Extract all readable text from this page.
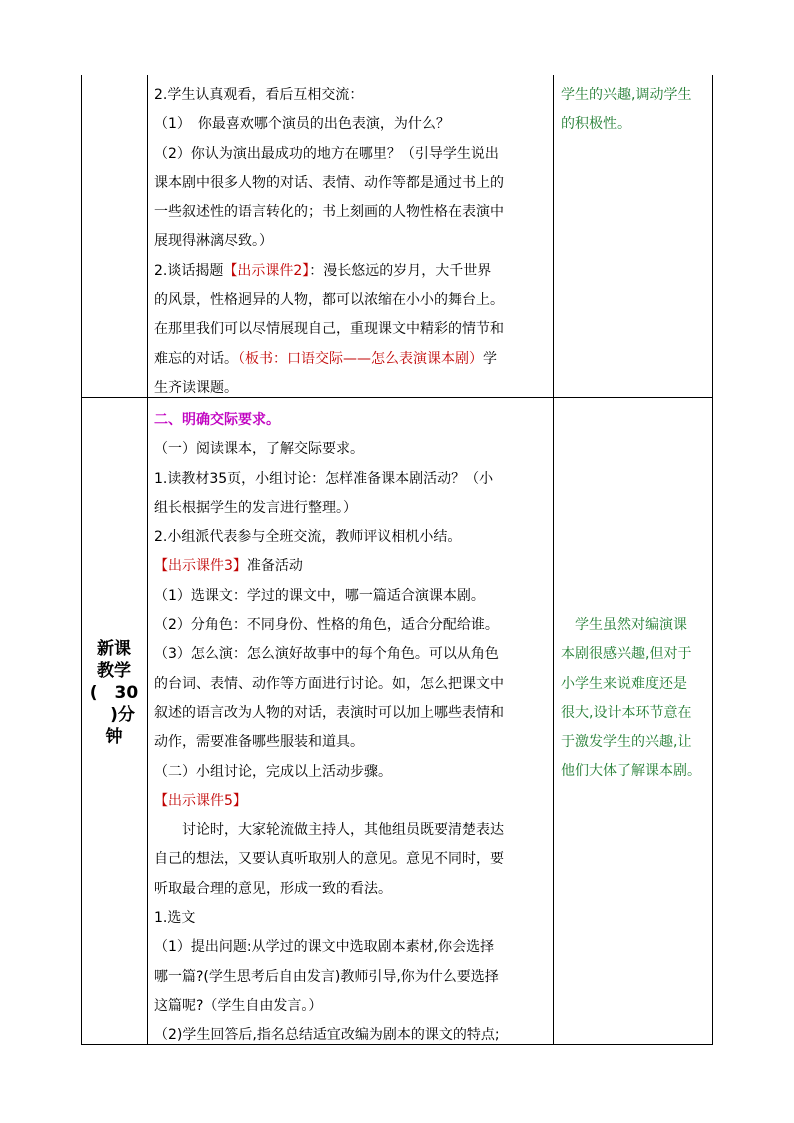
2.学生认真观看，看后互相交流：
（1）　你最喜欢哪个演员的出色表演，为什么？
（2）你认为演出最成功的地方在哪里？（引导学生说出
课本剧中很多人物的对话、表情、动作等都是通过书上的
一些叙述性的语言转化的；书上刻画的人物性格在表演中
展现得淋漓尽致。）
2.谈话揭题【出示课件2】：漫长悠远的岁月，大千世界
的风景，性格迥异的人物，都可以浓缩在小小的舞台上。
在那里我们可以尽情展现自己，重现课文中精彩的情节和
难忘的对话。（板书：口语交际——怎么表演课本剧）学
生齐读课题。
学生的兴趣,调动学生
的积极性。
新课
教学
(　30
　)分
钟
二、明确交际要求。
（一）阅读课本，了解交际要求。
1.读教材35页，小组讨论：怎样准备课本剧活动？（小
组长根据学生的发言进行整理。）
2.小组派代表参与全班交流，教师评议相机小结。
【出示课件3】准备活动
（1）选课文：学过的课文中，哪一篇适合演课本剧。
（2）分角色：不同身份、性格的角色，适合分配给谁。
（3）怎么演：怎么演好故事中的每个角色。可以从角色
的台词、表情、动作等方面进行讨论。如，怎么把课文中
叙述的语言改为人物的对话，表演时可以加上哪些表情和
动作，需要准备哪些服装和道具。
（二）小组讨论，完成以上活动步骤。
【出示课件5】
　　讨论时，大家轮流做主持人，其他组员既要清楚表达
自己的想法，又要认真听取别人的意见。意见不同时，要
听取最合理的意见，形成一致的看法。
1.选文
（1）提出问题:从学过的课文中选取剧本素材,你会选择
哪一篇?(学生思考后自由发言)教师引导,你为什么要选择
这篇呢?（学生自由发言。）
（2)学生回答后,指名总结适宜改编为剧本的课文的特点;
　学生虽然对编演课
本剧很感兴趣,但对于
小学生来说难度还是
很大,设计本环节意在
于激发学生的兴趣,让
他们大体了解课本剧。
